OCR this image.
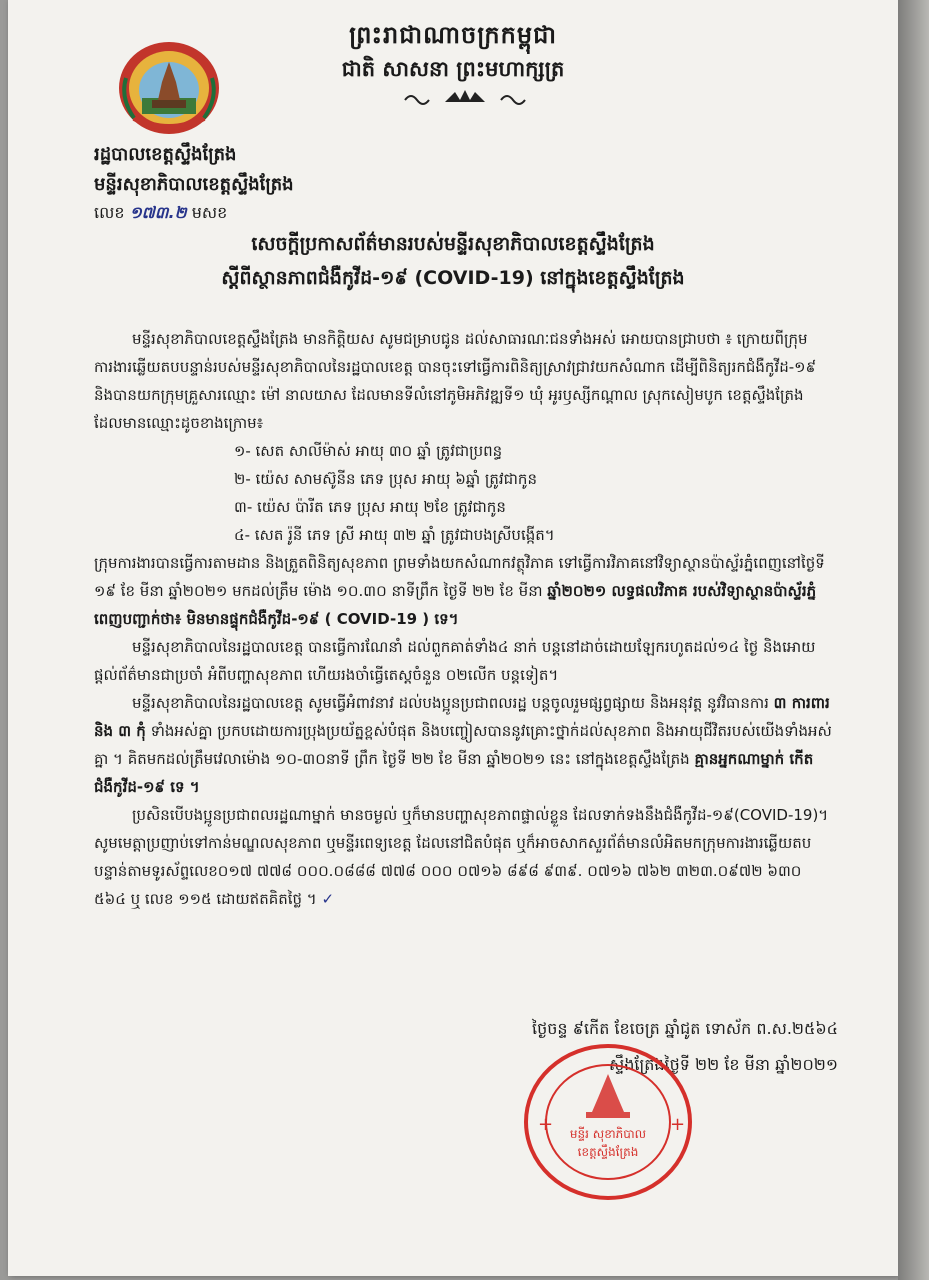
ព្រះរាជាណាចក្រកម្ពុជា
ជាតិ សាសនា ព្រះមហាក្សត្រ
រដ្ឋបាលខេត្តស្ទឹងត្រែង
មន្ទីរសុខាភិបាលខេត្តស្ទឹងត្រែង
លេខ ១៧៣.២ មសខ
សេចក្តីប្រកាសព័ត៌មានរបស់មន្ទីរសុខាភិបាលខេត្តស្ទឹងត្រែង
ស្តីពីស្ថានភាពជំងឺកូវីដ-១៩ (COVID-19) នៅក្នុងខេត្តស្ទឹងត្រែង

មន្ទីរសុខាភិបាលខេត្តស្ទឹងត្រែង មានកិត្តិយស សូមជម្រាបជូន ដល់សាធារណៈជនទាំងអស់ អោយបានជ្រាបថា ៖ ក្រោយពីក្រុមការងារឆ្លើយតបបន្ទាន់របស់មន្ទីរសុខាភិបាលនៃរដ្ឋបាលខេត្ត បានចុះទៅធ្វើការពិនិត្យស្រាវជ្រាវយកសំណាក ដើម្បីពិនិត្យរកជំងឺកូវីដ-១៩ និងបានយកក្រុមគ្រួសារឈ្មោះ ម៉ៅ នាលយាស ដែលមានទីលំនៅភូមិអភិវឌ្ឍទី១ ឃុំ អូរឫស្សីកណ្តាល ស្រុកសៀមបូក ខេត្តស្ទឹងត្រែង ដែលមានឈ្មោះដូចខាងក្រោម៖

១- សេត សាលីម៉ាស់ អាយុ ៣០ ឆ្នាំ ត្រូវជាប្រពន្ធ

២- យ៉េស សាមស៊ូនីន ភេទ ប្រុស អាយុ ៦ឆ្នាំ ត្រូវជាកូន

៣- យ៉េស ប៉ារីត ភេទ ប្រុស អាយុ ២ខែ ត្រូវជាកូន

៤- សេត រ៉ូនី ភេទ ស្រី អាយុ ៣២ ឆ្នាំ ត្រូវជាបងស្រីបង្កើត។

ក្រុមការងារបានធ្វើការតាមដាន និងត្រួតពិនិត្យសុខភាព ព្រមទាំងយកសំណាកវត្ថុវិភាគ ទៅធ្វើការវិភាគនៅវិទ្យាស្ថានប៉ាស្ទ័រភ្នំពេញនៅថ្ងៃទី ១៩ ខែ មីនា ឆ្នាំ២០២១ មកដល់ត្រឹម ម៉ោង ១០.៣០ នាទីព្រឹក ថ្ងៃទី ២២ ខែ មីនា ឆ្នាំ២០២១ លទ្ធផលវិភាគ របស់វិទ្យាស្ថានប៉ាស្ទ័រភ្នំពេញបញ្ជាក់ថា៖ មិនមានផ្ទុកជំងឺកូវីដ-១៩ ( COVID-19 ) ទេ។

មន្ទីរសុខាភិបាលនៃរដ្ឋបាលខេត្ត បានធ្វើការណែនាំ ដល់ពួកគាត់ទាំង៤ នាក់ បន្តនៅដាច់ដោយឡែករហូតដល់១៤ ថ្ងៃ និងអោយផ្តល់ព័ត៌មានជាប្រចាំ អំពីបញ្ហាសុខភាព ហើយរងចាំធ្វើតេស្តចំនួន ០២លើក បន្តទៀត។

មន្ទីរសុខាភិបាលនៃរដ្ឋបាលខេត្ត សូមធ្វើអំពាវនាវ ដល់បងប្អូនប្រជាពលរដ្ឋ បន្តចូលរួមផ្សព្វផ្សាយ និងអនុវត្ត នូវវិធានការ ៣ ការពារ និង ៣ កុំ ទាំងអស់គ្នា ប្រកបដោយការប្រុងប្រយ័ត្នខ្ពស់បំផុត និងបញ្ចៀសបាននូវគ្រោះថ្នាក់ដល់សុខភាព និងអាយុជីវិតរបស់យើងទាំងអស់គ្នា ។ គិតមកដល់ត្រឹមវេលាម៉ោង ១០-៣០នាទី ព្រឹក ថ្ងៃទី ២២ ខែ មីនា ឆ្នាំ២០២១ នេះ នៅក្នុងខេត្តស្ទឹងត្រែង គ្មានអ្នកណាម្នាក់ កើតជំងឺកូវីដ-១៩ ទេ ។

ប្រសិនបើបងប្អូនប្រជាពលរដ្ឋណាម្នាក់ មានចម្ងល់ ឬក៏មានបញ្ហាសុខភាពផ្ទាល់ខ្លួន ដែលទាក់ទងនឹងជំងឺកូវីដ-១៩(COVID-19)។ សូមមេត្តាប្រញាប់ទៅកាន់មណ្ឌលសុខភាព ឬមន្ទីរពេទ្យខេត្ត ដែលនៅជិតបំផុត ឬក៏អាចសាកសួរព័ត៌មានលំអិតមកក្រុមការងារឆ្លើយតបបន្ទាន់តាមទូរស័ព្ទលេខ០១៧ ៧៧៨ ០០០.០៨៨៨ ៧៧៨ ០០០ ០៧១៦ ៨៩៨ ៩៣៩. ០៧១៦ ៧៦២ ៣២៣.០៩៧២ ៦៣០ ៥៦៤ ឬ លេខ ១១៥ ដោយឥតគិតថ្លៃ ។ ✓

ថ្ងៃចន្ទ ៩កើត ខែចេត្រ ឆ្នាំជូត ទោស័ក ព.ស.២៥៦៤
ស្ទឹងត្រែងថ្ងៃទី ២២ ខែ មីនា ឆ្នាំ២០២១
មន្ទីរ សុខាភិបាល
ខេត្តស្ទឹងត្រែង
+	+
